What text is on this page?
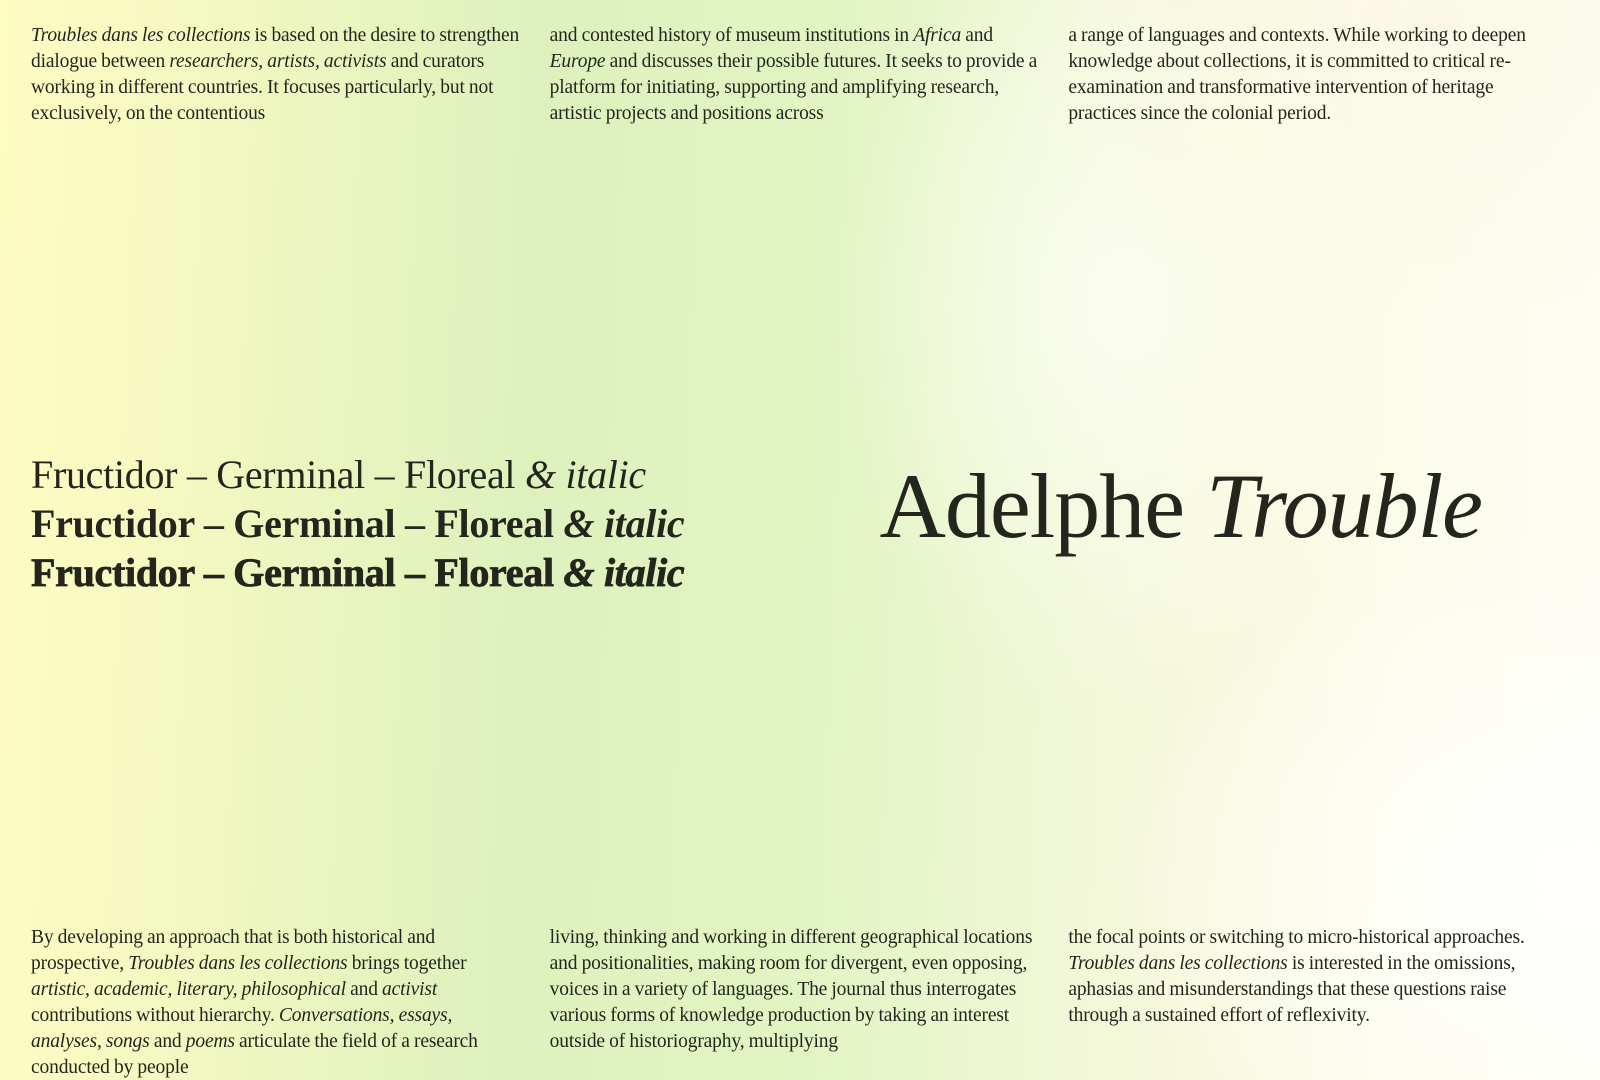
Troubles dans les collections is based on the desire to strengthen dialogue between researchers, artists, activists and curators working in different countries. It focuses particularly, but not exclusively, on the contentious
and contested history of museum institutions in Africa and Europe and discusses their possible futures. It seeks to provide a platform for initiating, supporting and amplifying research, artistic projects and positions across
a range of languages and contexts. While working to deepen knowledge about collections, it is committed to critical re-examination and transformative intervention of heritage practices since the colonial period.
Fructidor – Germinal – Floreal & italic
Fructidor – Germinal – Floreal & italic
Fructidor – Germinal – Floreal & italic
Adelphe Trouble
By developing an approach that is both historical and prospective, Troubles dans les collections brings together artistic, academic, literary, philosophical and activist contributions without hierarchy. Conversations, essays, analyses, songs and poems articulate the field of a research conducted by people
living, thinking and working in different geographical locations and positionalities, making room for divergent, even opposing, voices in a variety of languages. The journal thus interrogates various forms of knowledge production by taking an interest outside of historiography, multiplying
the focal points or switching to micro-historical approaches. Troubles dans les collections is interested in the omissions, aphasias and misunderstandings that these questions raise through a sustained effort of reflexivity.
